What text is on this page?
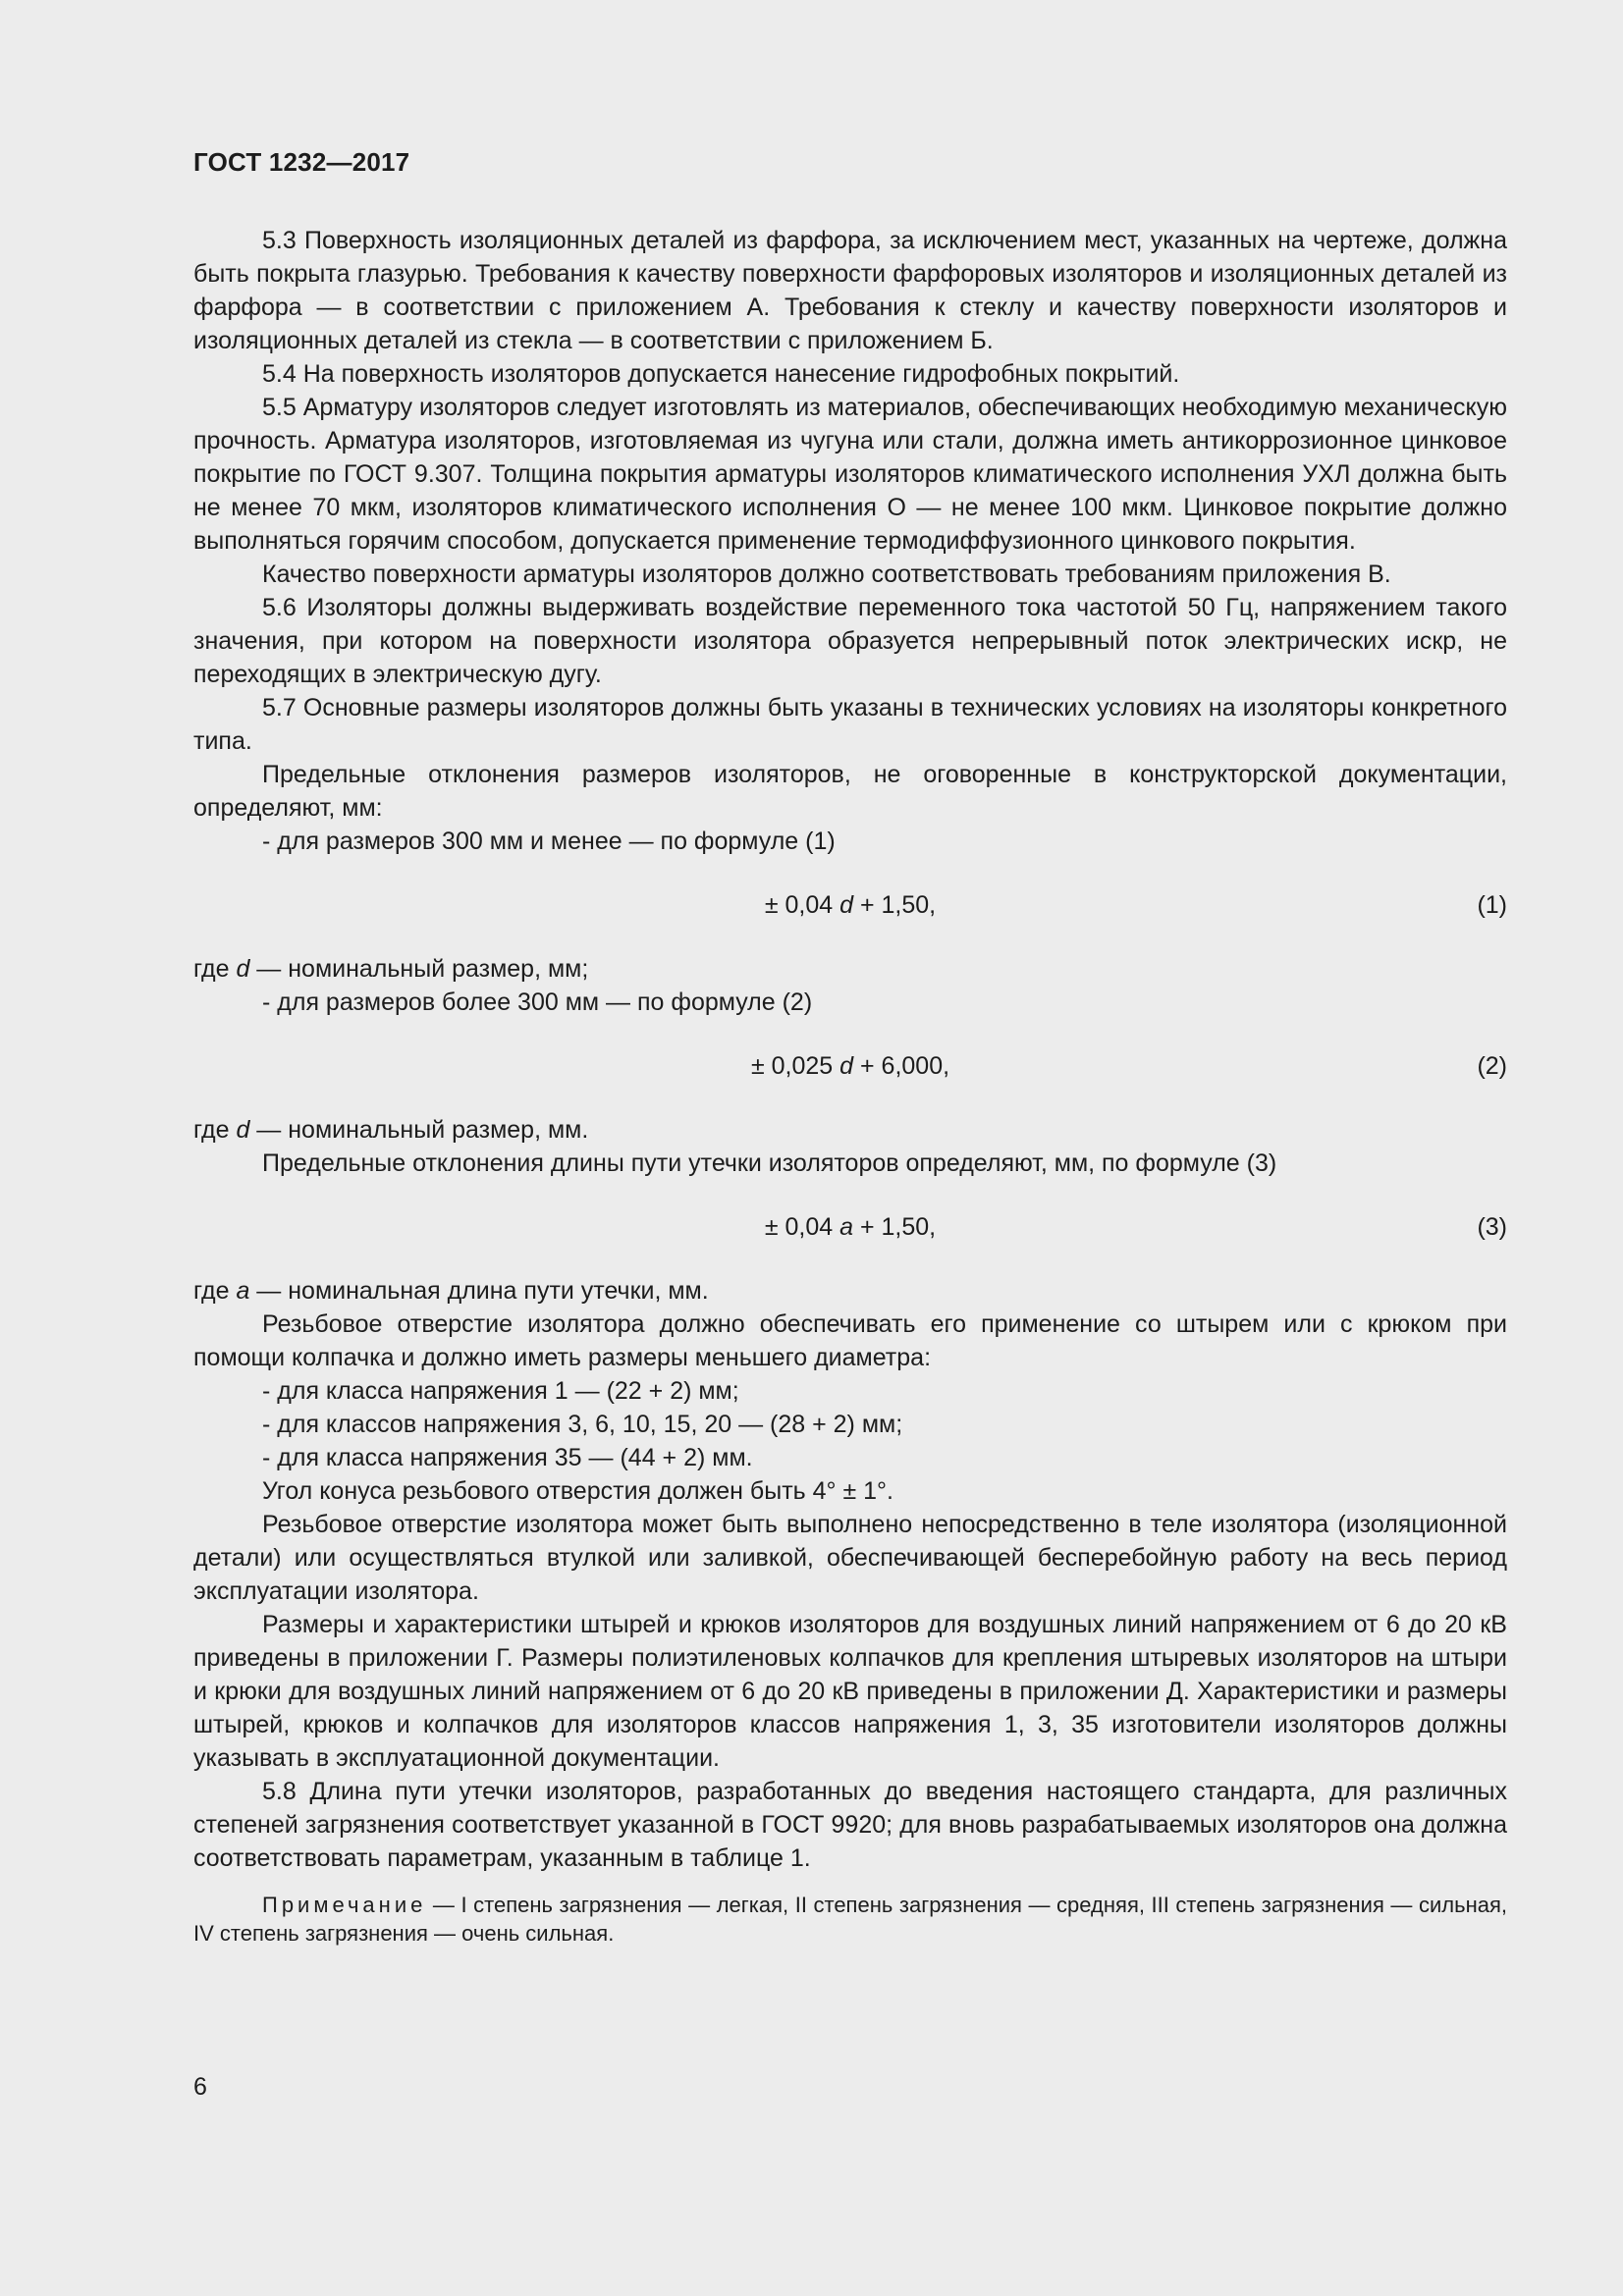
ГОСТ 1232—2017

5.3 Поверхность изоляционных деталей из фарфора, за исключением мест, указанных на чертеже, должна быть покрыта глазурью. Требования к качеству поверхности фарфоровых изоляторов и изоляционных деталей из фарфора — в соответствии с приложением А. Требования к стеклу и качеству поверхности изоляторов и изоляционных деталей из стекла — в соответствии с приложением Б.

5.4 На поверхность изоляторов допускается нанесение гидрофобных покрытий.

5.5 Арматуру изоляторов следует изготовлять из материалов, обеспечивающих необходимую механическую прочность. Арматура изоляторов, изготовляемая из чугуна или стали, должна иметь антикоррозионное цинковое покрытие по ГОСТ 9.307. Толщина покрытия арматуры изоляторов климатического исполнения УХЛ должна быть не менее 70 мкм, изоляторов климатического исполнения О — не менее 100 мкм. Цинковое покрытие должно выполняться горячим способом, допускается применение термодиффузионного цинкового покрытия.

Качество поверхности арматуры изоляторов должно соответствовать требованиям приложения В.

5.6 Изоляторы должны выдерживать воздействие переменного тока частотой 50 Гц, напряжением такого значения, при котором на поверхности изолятора образуется непрерывный поток электрических искр, не переходящих в электрическую дугу.

5.7 Основные размеры изоляторов должны быть указаны в технических условиях на изоляторы конкретного типа.

Предельные отклонения размеров изоляторов, не оговоренные в конструкторской документации, определяют, мм:

- для размеров 300 мм и менее — по формуле (1)

± 0,04 d + 1,50,	(1)

где d — номинальный размер, мм;

- для размеров более 300 мм — по формуле (2)

± 0,025 d + 6,000,	(2)

где d — номинальный размер, мм.

Предельные отклонения длины пути утечки изоляторов определяют, мм, по формуле (3)

± 0,04 a + 1,50,	(3)

где a — номинальная длина пути утечки, мм.

Резьбовое отверстие изолятора должно обеспечивать его применение со штырем или с крюком при помощи колпачка и должно иметь размеры меньшего диаметра:

- для класса напряжения 1 — (22 + 2) мм;

- для классов напряжения 3, 6, 10, 15, 20 — (28 + 2) мм;

- для класса напряжения 35 — (44 + 2) мм.

Угол конуса резьбового отверстия должен быть 4° ± 1°.

Резьбовое отверстие изолятора может быть выполнено непосредственно в теле изолятора (изоляционной детали) или осуществляться втулкой или заливкой, обеспечивающей бесперебойную работу на весь период эксплуатации изолятора.

Размеры и характеристики штырей и крюков изоляторов для воздушных линий напряжением от 6 до 20 кВ приведены в приложении Г. Размеры полиэтиленовых колпачков для крепления штыревых изоляторов на штыри и крюки для воздушных линий напряжением от 6 до 20 кВ приведены в приложении Д. Характеристики и размеры штырей, крюков и колпачков для изоляторов классов напряжения 1, 3, 35 изготовители изоляторов должны указывать в эксплуатационной документации.

5.8 Длина пути утечки изоляторов, разработанных до введения настоящего стандарта, для различных степеней загрязнения соответствует указанной в ГОСТ 9920; для вновь разрабатываемых изоляторов она должна соответствовать параметрам, указанным в таблице 1.

Примечание — I степень загрязнения — легкая, II степень загрязнения — средняя, III степень загрязнения — сильная, IV степень загрязнения — очень сильная.
6
